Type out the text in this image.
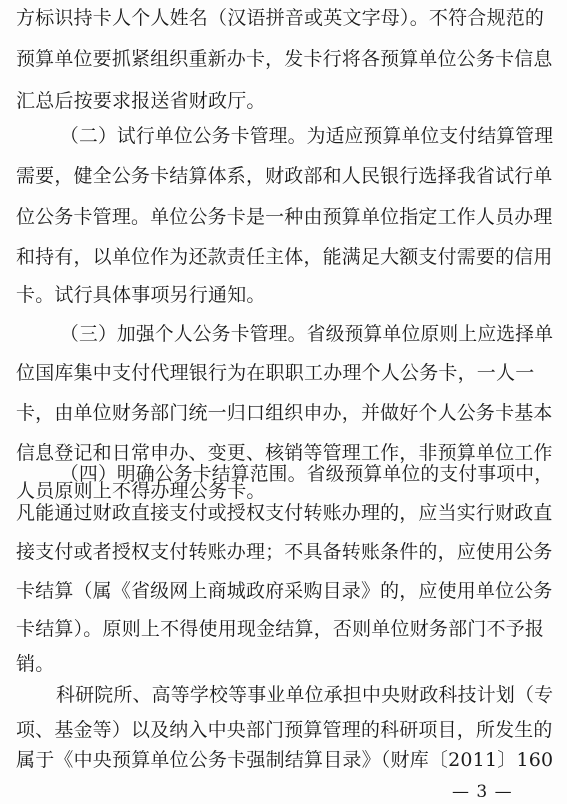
方标识持卡人个人姓名（汉语拼音或英文字母）。不符合规范的
预算单位要抓紧组织重新办卡，发卡行将各预算单位公务卡信息
汇总后按要求报送省财政厅。
（二）试行单位公务卡管理。为适应预算单位支付结算管理
需要，健全公务卡结算体系，财政部和人民银行选择我省试行单
位公务卡管理。单位公务卡是一种由预算单位指定工作人员办理
和持有，以单位作为还款责任主体，能满足大额支付需要的信用
卡。试行具体事项另行通知。
（三）加强个人公务卡管理。省级预算单位原则上应选择单
位国库集中支付代理银行为在职职工办理个人公务卡，一人一
卡，由单位财务部门统一归口组织申办，并做好个人公务卡基本
信息登记和日常申办、变更、核销等管理工作，非预算单位工作
人员原则上不得办理公务卡。
（四）明确公务卡结算范围。省级预算单位的支付事项中，
凡能通过财政直接支付或授权支付转账办理的，应当实行财政直
接支付或者授权支付转账办理；不具备转账条件的，应使用公务
卡结算（属《省级网上商城政府采购目录》的，应使用单位公务
卡结算）。原则上不得使用现金结算，否则单位财务部门不予报
销。
科研院所、高等学校等事业单位承担中央财政科技计划（专
项、基金等）以及纳入中央部门预算管理的科研项目，所发生的
属于《中央预算单位公务卡强制结算目录》（财库〔2011〕160
— 3 —
